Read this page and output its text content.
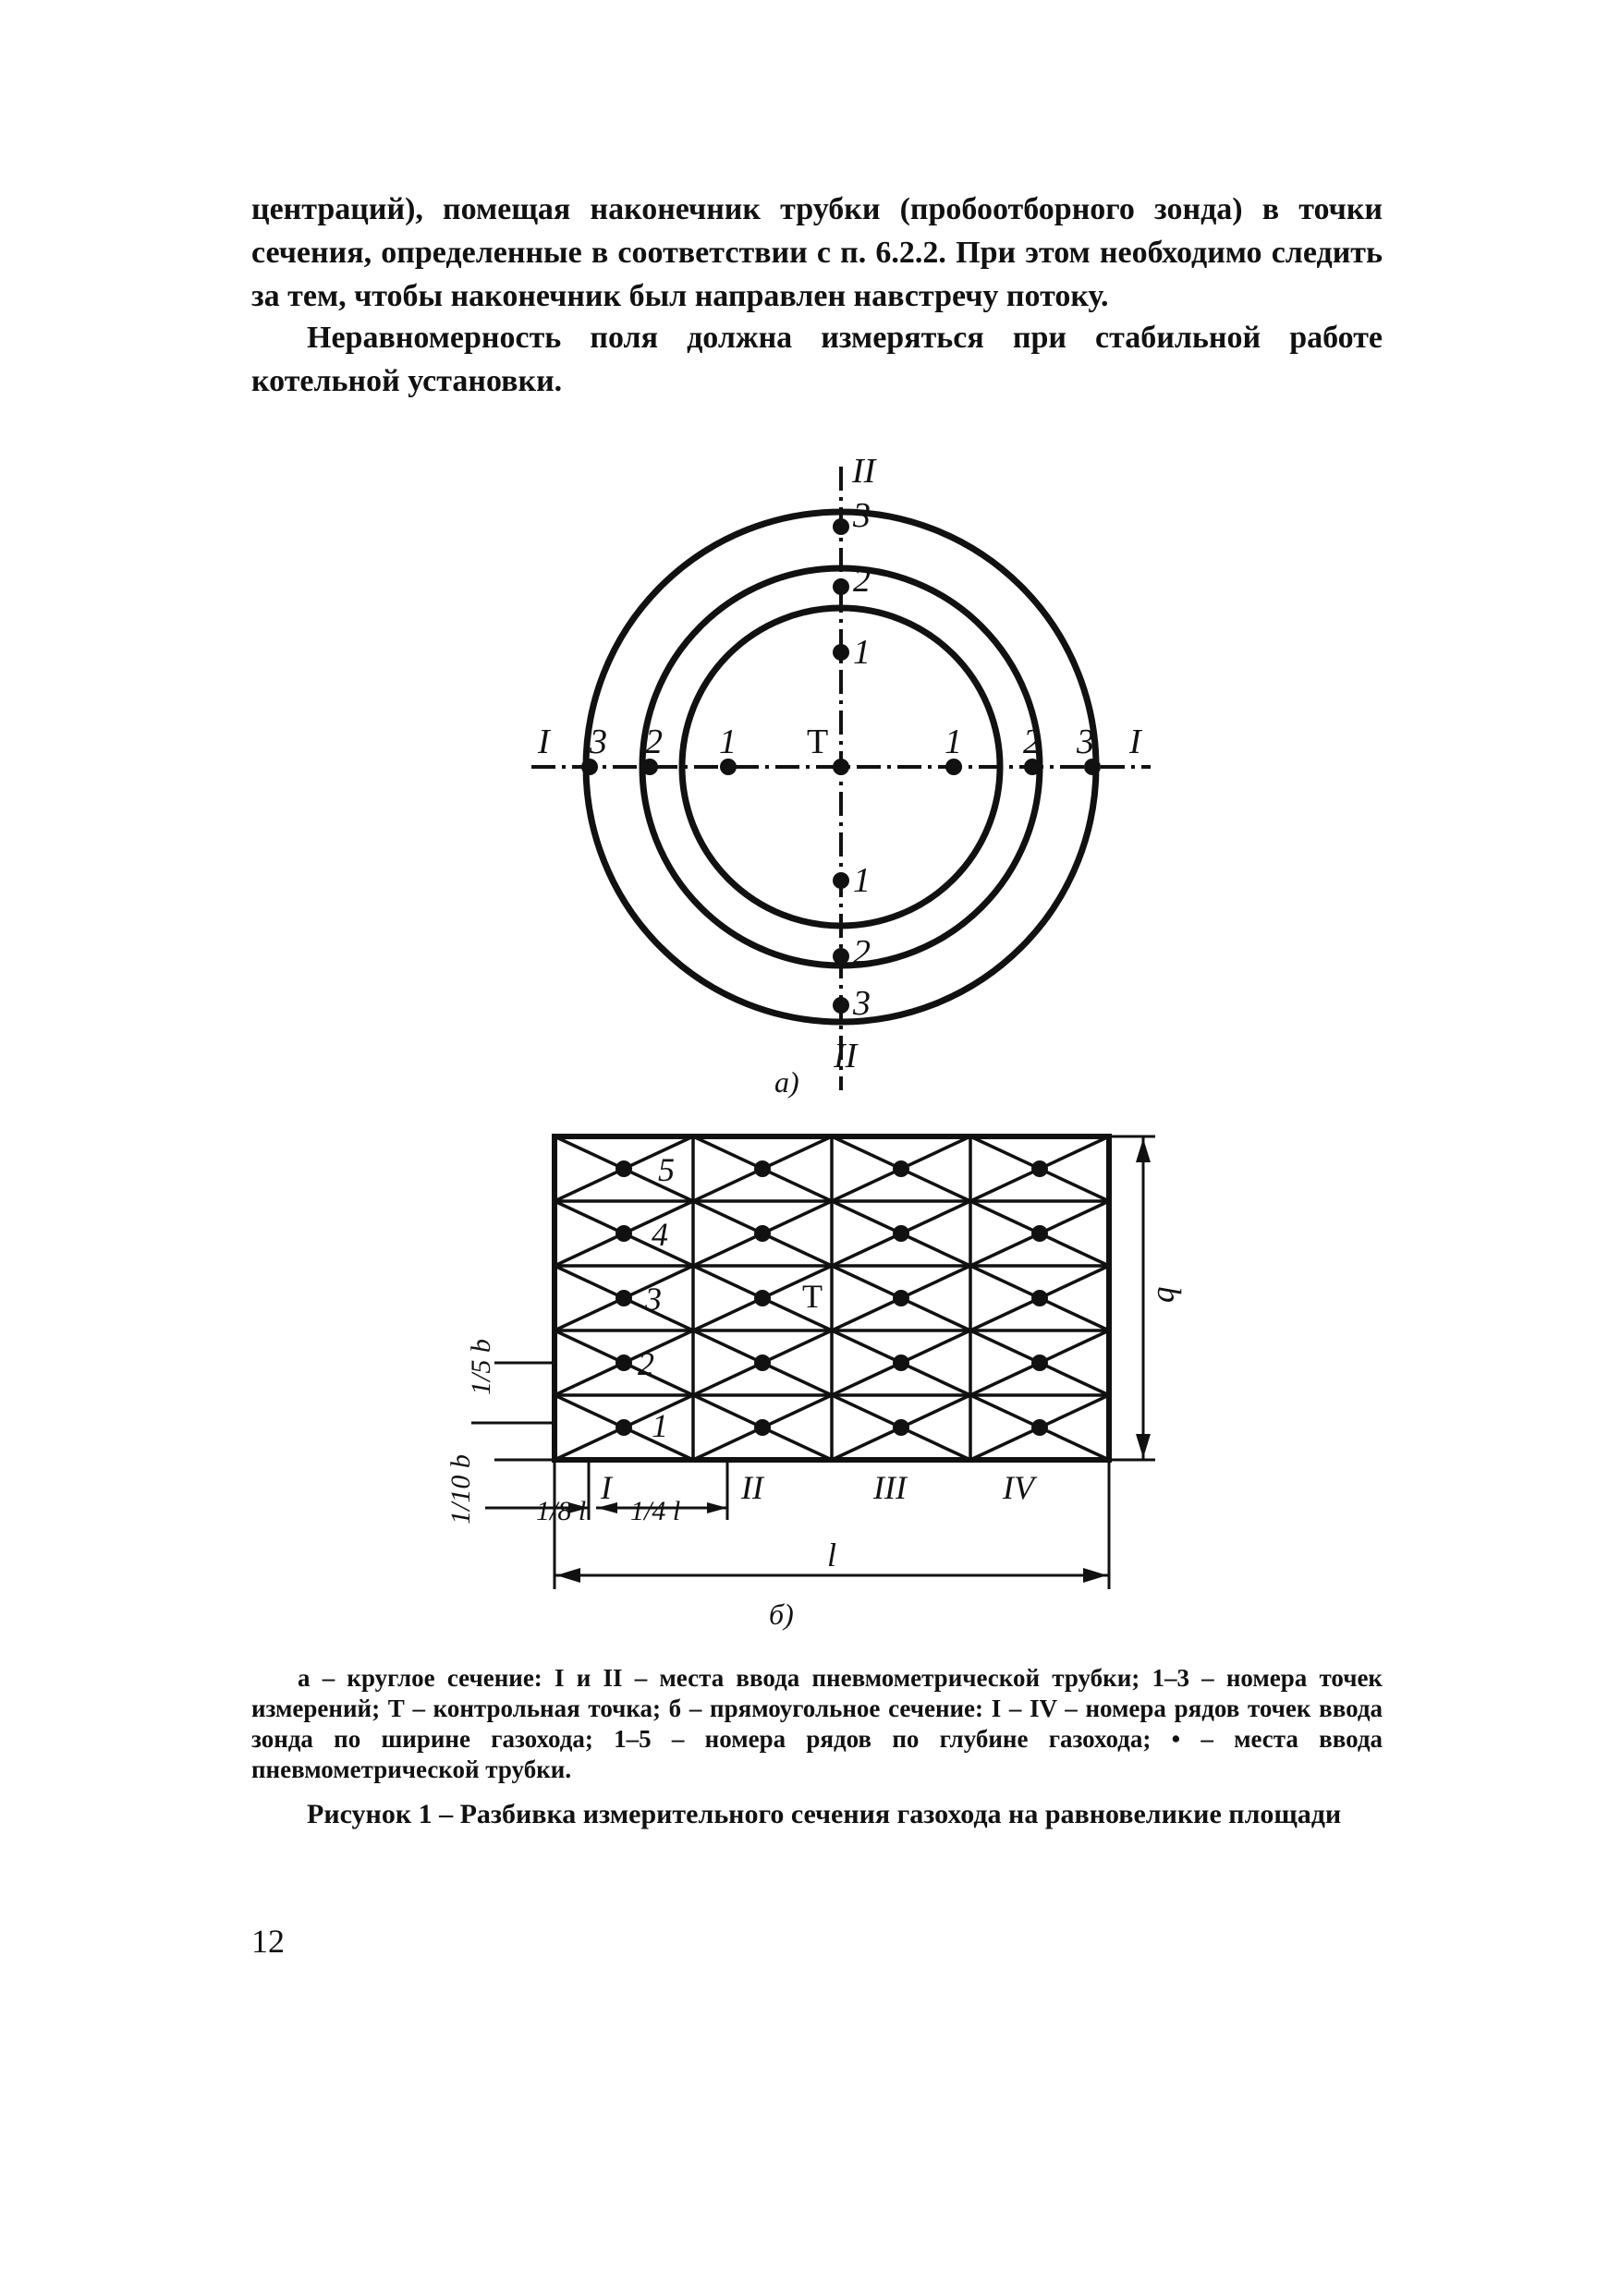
центраций), помещая наконечник трубки (пробоотборного зонда) в точки сечения, определенные в соответствии с п. 6.2.2. При этом необходимо следить за тем, чтобы наконечник был направлен навстречу потоку.

Неравномерность поля должна измеряться при стабильной работе котельной установки.

II
II
I	I
3
2
1
1
2
3
3 2 1	1 2 3
а)
Т
b
l
1/8 l 1/4 l
1/10 b
1/5 b
I	II	III	IV
5
4
3
2
1
б)
Т

а – круглое сечение: I и II – места ввода пневмометрической трубки; 1–3 – номера точек измерений; Т – контрольная точка; б – прямоугольное сечение: I – IV – номера рядов точек ввода зонда по ширине газохода; 1–5 – номера рядов по глубине газохода; • – места ввода пневмометрической трубки.

Рисунок 1 – Разбивка измерительного сечения газохода на равновеликие площади

12
